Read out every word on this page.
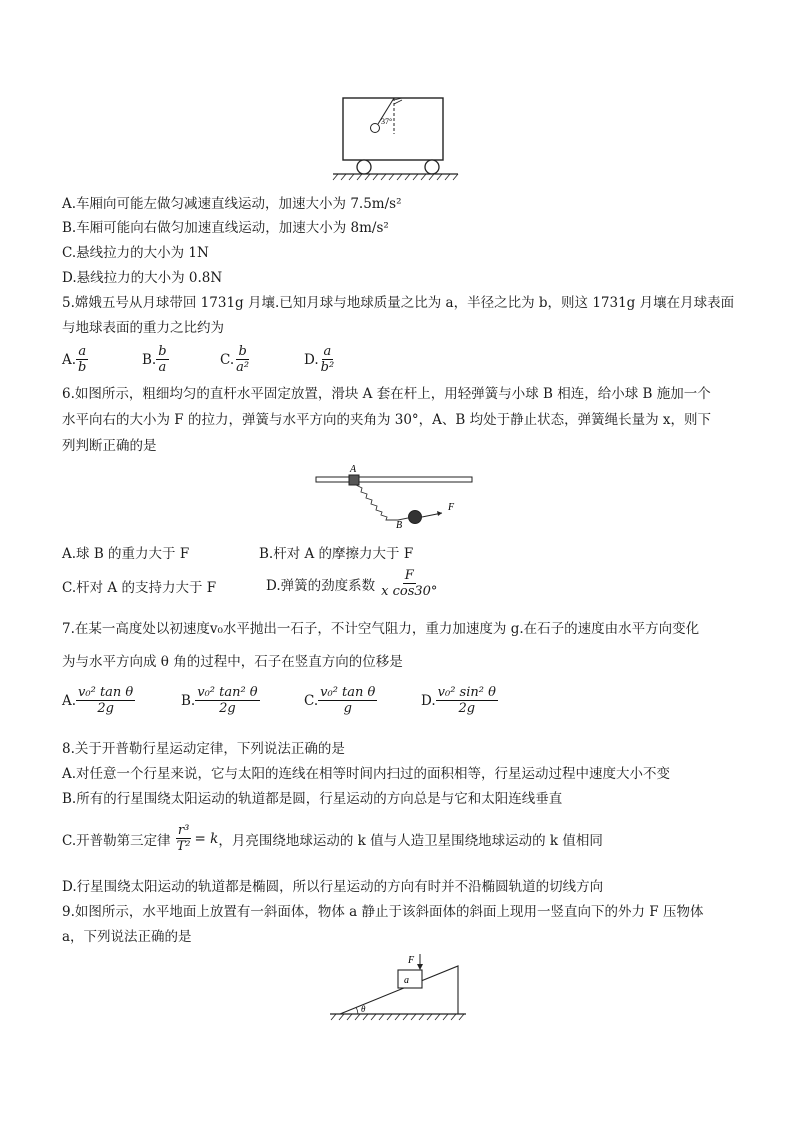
37°
A.车厢向可能左做匀减速直线运动，加速大小为 7.5m/s²
B.车厢可能向右做匀加速直线运动，加速大小为 8m/s²
C.悬线拉力的大小为 1N
D.悬线拉力的大小为 0.8N
5.嫦娥五号从月球带回 1731g 月壤.已知月球与地球质量之比为 a，半径之比为 b，则这 1731g 月壤在月球表面
与地球表面的重力之比约为
A. $\frac{a}{b}$	B. $\frac{b}{a}$	C. $\frac{b}{\text{a²}}$	D. $\frac{a}{\text{b²}}$
6.如图所示，粗细均匀的直杆水平固定放置，滑块 A 套在杆上，用轻弹簧与小球 B 相连，给小球 B 施加一个
水平向右的大小为 F 的拉力，弹簧与水平方向的夹角为 30°，A、B 均处于静止状态，弹簧绳长量为 x，则下
列判断正确的是
A
F
B
A.球 B 的重力大于 F	B.杆对 A 的摩擦力大于 F
C.杆对 A 的支持力大于 F	D.弹簧的劲度系数 $\frac{F}{\text{x cos30°}}$
7.在某一高度处以初速度v₀水平抛出一石子，不计空气阻力，重力加速度为 g.在石子的速度由水平方向变化
为与水平方向成 θ 角的过程中，石子在竖直方向的位移是
A. $\frac{\text{v₀² tan θ}}{2g}$	B. $\frac{\text{v₀² tan² θ}}{2g}$	C. $\frac{\text{v₀² tan θ}}{g}$	D. $\frac{\text{v₀² sin² θ}}{2g}$
8.关于开普勒行星运动定律，下列说法正确的是
A.对任意一个行星来说，它与太阳的连线在相等时间内扫过的面积相等，行星运动过程中速度大小不变
B.所有的行星围绕太阳运动的轨道都是圆，行星运动的方向总是与它和太阳连线垂直
C.开普勒第三定律 $\frac{\text{r³}}{\text{T²}} = k$ ，月亮围绕地球运动的 k 值与人造卫星围绕地球运动的 k 值相同
D.行星围绕太阳运动的轨道都是椭圆，所以行星运动的方向有时并不沿椭圆轨道的切线方向
9.如图所示，水平地面上放置有一斜面体，物体 a 静止于该斜面体的斜面上现用一竖直向下的外力 F 压物体
a，下列说法正确的是
F
a
θ
